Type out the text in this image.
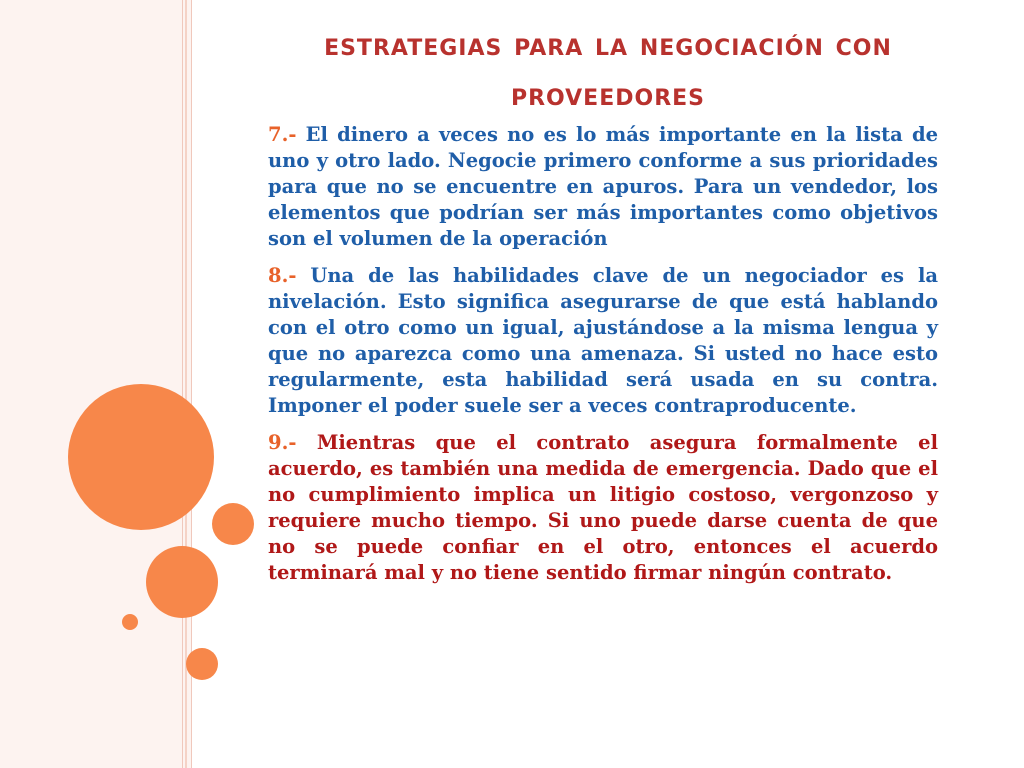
estrategias para la negociación con proveedores

7.- El dinero a veces no es lo más importante en la lista de uno y otro lado. Negocie primero conforme a sus prioridades para que no se encuentre en apuros. Para un vendedor, los elementos que podrían ser más importantes como objetivos son el volumen de la operación

8.- Una de las habilidades clave de un negociador es la nivelación. Esto significa asegurarse de que está hablando con el otro como un igual, ajustándose a la misma lengua y que no aparezca como una amenaza. Si usted no hace esto regularmente, esta habilidad será usada en su contra. Imponer el poder suele ser a veces contraproducente.

9.- Mientras que el contrato asegura formalmente el acuerdo, es también una medida de emergencia. Dado que el no cumplimiento implica un litigio costoso, vergonzoso y requiere mucho tiempo. Si uno puede darse cuenta de que no se puede confiar en el otro, entonces el acuerdo terminará mal y no tiene sentido firmar ningún contrato.
